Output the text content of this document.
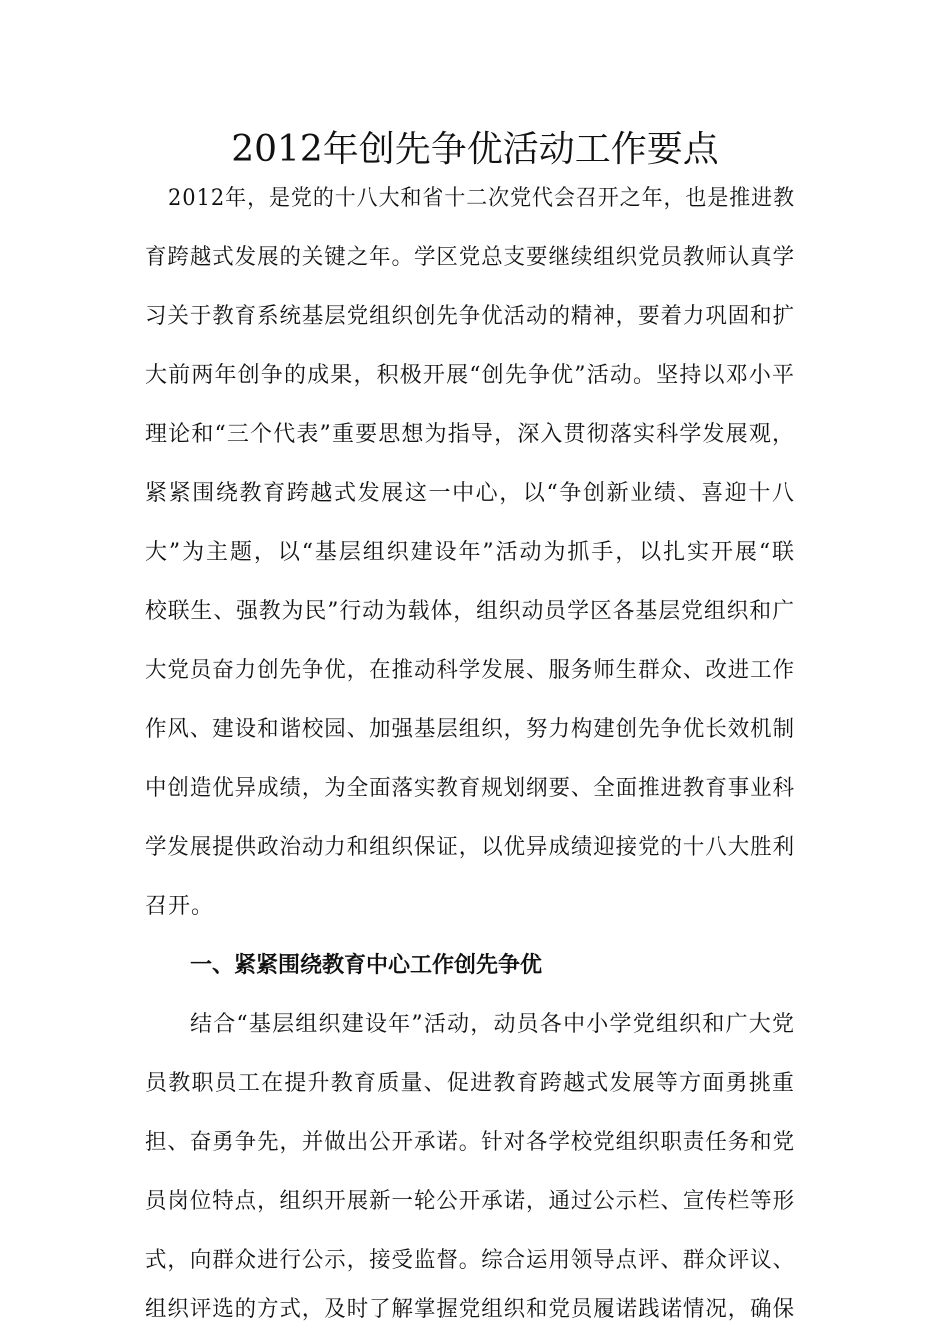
2012年创先争优活动工作要点

2012年，是党的十八大和省十二次党代会召开之年，也是推进教

育跨越式发展的关键之年。学区党总支要继续组织党员教师认真学

习关于教育系统基层党组织创先争优活动的精神，要着力巩固和扩

大前两年创争的成果，积极开展“创先争优”活动。坚持以邓小平

理论和“三个代表”重要思想为指导，深入贯彻落实科学发展观，

紧紧围绕教育跨越式发展这一中心，以“争创新业绩、喜迎十八

大”为主题，以“基层组织建设年”活动为抓手，以扎实开展“联

校联生、强教为民”行动为载体，组织动员学区各基层党组织和广

大党员奋力创先争优，在推动科学发展、服务师生群众、改进工作

作风、建设和谐校园、加强基层组织，努力构建创先争优长效机制

中创造优异成绩，为全面落实教育规划纲要、全面推进教育事业科

学发展提供政治动力和组织保证，以优异成绩迎接党的十八大胜利

召开。

一、紧紧围绕教育中心工作创先争优

结合“基层组织建设年”活动，动员各中小学党组织和广大党

员教职员工在提升教育质量、促进教育跨越式发展等方面勇挑重

担、奋勇争先，并做出公开承诺。针对各学校党组织职责任务和党

员岗位特点，组织开展新一轮公开承诺，通过公示栏、宣传栏等形

式，向群众进行公示，接受监督。综合运用领导点评、群众评议、

组织评选的方式，及时了解掌握党组织和党员履诺践诺情况，确保
